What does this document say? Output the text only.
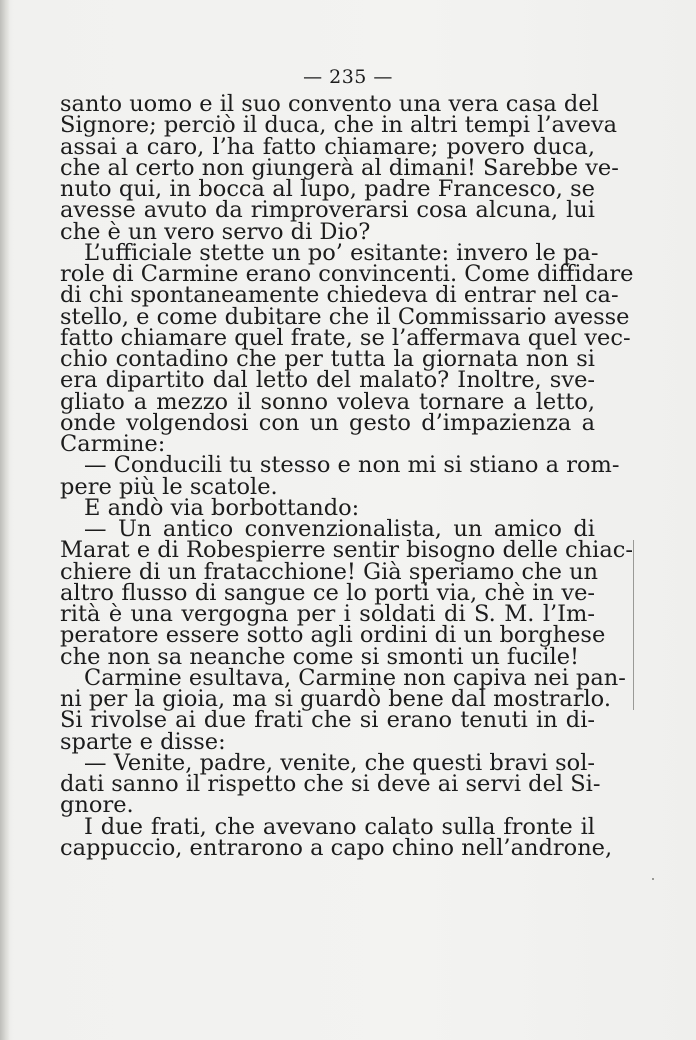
— 235 —
santo uomo e il suo convento una vera casa del
Signore; perciò il duca, che in altri tempi l’aveva
assai a caro, l’ha fatto chiamare; povero duca,
che al certo non giungerà al dimani! Sarebbe ve-
nuto qui, in bocca al lupo, padre Francesco, se
avesse avuto da rimproverarsi cosa alcuna, lui
che è un vero servo di Dio?
L’ufficiale stette un po’ esitante: invero le pa-
role di Carmine erano convincenti. Come diffidare
di chi spontaneamente chiedeva di entrar nel ca-
stello, e come dubitare che il Commissario avesse
fatto chiamare quel frate, se l’affermava quel vec-
chio contadino che per tutta la giornata non si
era dipartito dal letto del malato? Inoltre, sve-
gliato a mezzo il sonno voleva tornare a letto,
onde volgendosi con un gesto d’impazienza a
Carmine:
— Conducili tu stesso e non mi si stiano a rom-
pere più le scatole.
E andò via borbottando:
— Un antico convenzionalista, un amico di
Marat e di Robespierre sentir bisogno delle chiac-
chiere di un fratacchione! Già speriamo che un
altro flusso di sangue ce lo porti via, chè in ve-
rità è una vergogna per i soldati di S. M. l’Im-
peratore essere sotto agli ordini di un borghese
che non sa neanche come si smonti un fucile!
Carmine esultava, Carmine non capiva nei pan-
ni per la gioia, ma si guardò bene dal mostrarlo.
Si rivolse ai due frati che si erano tenuti in di-
sparte e disse:
— Venite, padre, venite, che questi bravi sol-
dati sanno il rispetto che si deve ai servi del Si-
gnore.
I due frati, che avevano calato sulla fronte il
cappuccio, entrarono a capo chino nell’androne,
